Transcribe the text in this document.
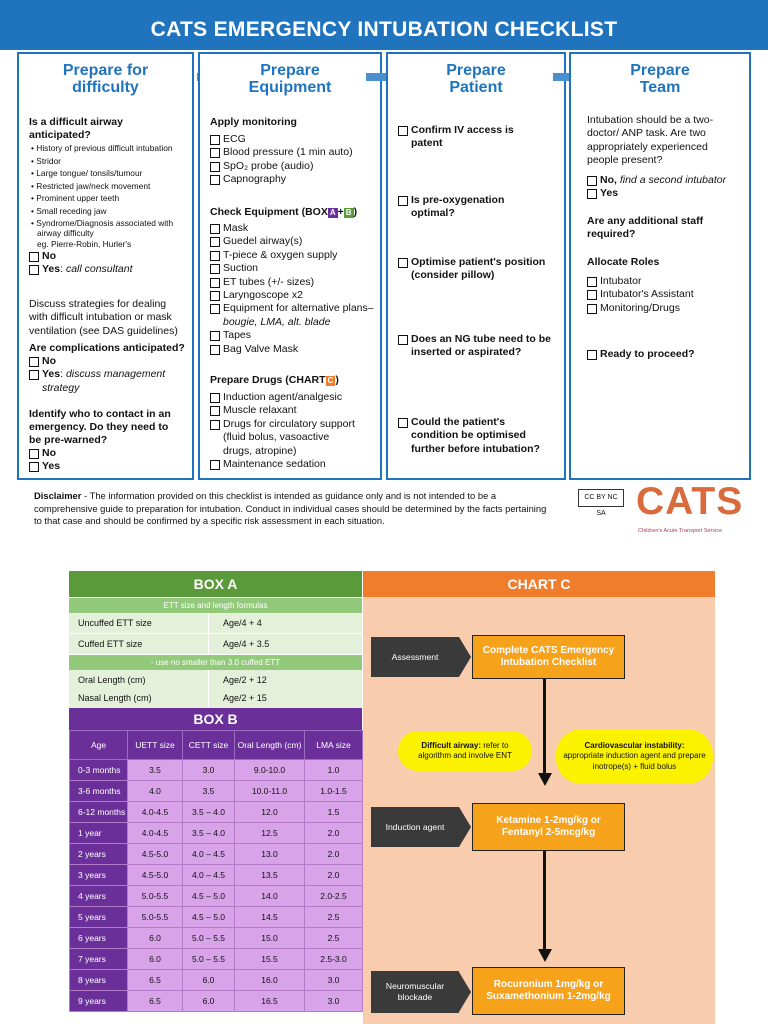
CATS EMERGENCY INTUBATION CHECKLIST
Prepare for
difficulty
Is a difficult airway
anticipated?
• History of previous difficult intubation
• Stridor
• Large tongue/ tonsils/tumour
• Restricted jaw/neck movement
• Prominent upper teeth
• Small receding jaw
• Syndrome/Diagnosis associated with
airway difficulty
eg. Pierre-Robin, Hurler's
No
Yes : call consultant
Discuss strategies for dealing
with difficult intubation or mask
ventilation (see DAS guidelines)
Are complications anticipated?
No
Yes: discuss management
strategy
Identify who to contact in an
emergency. Do they need to
be pre-warned?
No
Yes
Prepare
Equipment
Apply monitoring
ECG
Blood pressure (1 min auto)
SpO₂ probe (audio)
Capnography
Check Equipment (BOX A + B )
Mask
Guedel airway(s)
T-piece & oxygen supply
Suction
ET tubes (+/- sizes)
Laryngoscope x2
Equipment for alternative plans–
bougie, LMA, alt. blade
Tapes
Bag Valve Mask
Prepare Drugs (CHART C )
Induction agent/analgesic
Muscle relaxant
Drugs for circulatory support
(fluid bolus, vasoactive
drugs, atropine)
Maintenance sedation
Prepare
Patient
Confirm IV access is
patent
Is pre-oxygenation
optimal?
Optimise patient's position
(consider pillow)
Does an NG tube need to be
inserted or aspirated?
Could the patient's
condition be optimised
further before intubation?
Prepare
Team
Intubation should be a two-
doctor/ ANP task. Are two
appropriately experienced
people present?
No,
find a second intubator
Yes
Are any additional staff
required?
Allocate Roles
Intubator
Intubator's Assistant
Monitoring/Drugs
Ready to proceed?
Disclaimer - The information provided on this checklist is intended as guidance only and is not intended to be a comprehensive guide to preparation for intubation. Conduct in individual cases should be determined by the facts pertaining to that case and should be confirmed by a specific risk assessment in each situation.
CC BY NC SA CATS
Children's Acute Transport Service
BOX A
ETT size and length formulas
Uncuffed ETT size	Age/4 + 4
Cuffed ETT size	Age/4 + 3.5
- use no smaller than 3.0 cuffed ETT
Oral Length (cm)	Age/2 + 12
Nasal Length (cm)	Age/2 + 15
BOX B
Age	UETT size	CETT size	Oral Length (cm)	LMA size
0-3 months	3.5	3.0	9.0-10.0	1.0
3-6 months	4.0	3.5	10.0-11.0	1.0-1.5
6-12 months	4.0-4.5	3.5 – 4.0	12.0	1.5
1 year	4.0-4.5	3.5 – 4.0	12.5	2.0
2 years	4.5-5.0	4.0 – 4.5	13.0	2.0
3 years	4.5-5.0	4.0 – 4.5	13.5	2.0
4 years	5.0-5.5	4.5 – 5.0	14.0	2.0-2.5
5 years	5.0-5.5	4.5 – 5.0	14.5	2.5
6 years	6.0	5.0 – 5.5	15.0	2.5
7 years	6.0	5.0 – 5.5	15.5	2.5-3.0
8 years	6.5	6.0	16.0	3.0
9 years	6.5	6.0	16.5	3.0
CHART C
Assessment
Complete CATS Emergency Intubation Checklist
Difficult airway: refer to algorithm and involve ENT
Cardiovascular instability:
appropriate induction agent and prepare inotrope(s) + fluid bolus
Induction agent
Ketamine 1-2mg/kg or
Fentanyl 2-5mcg/kg
Neuromuscular
blockade
Rocuronium 1mg/kg or
Suxamethonium 1-2mg/kg
